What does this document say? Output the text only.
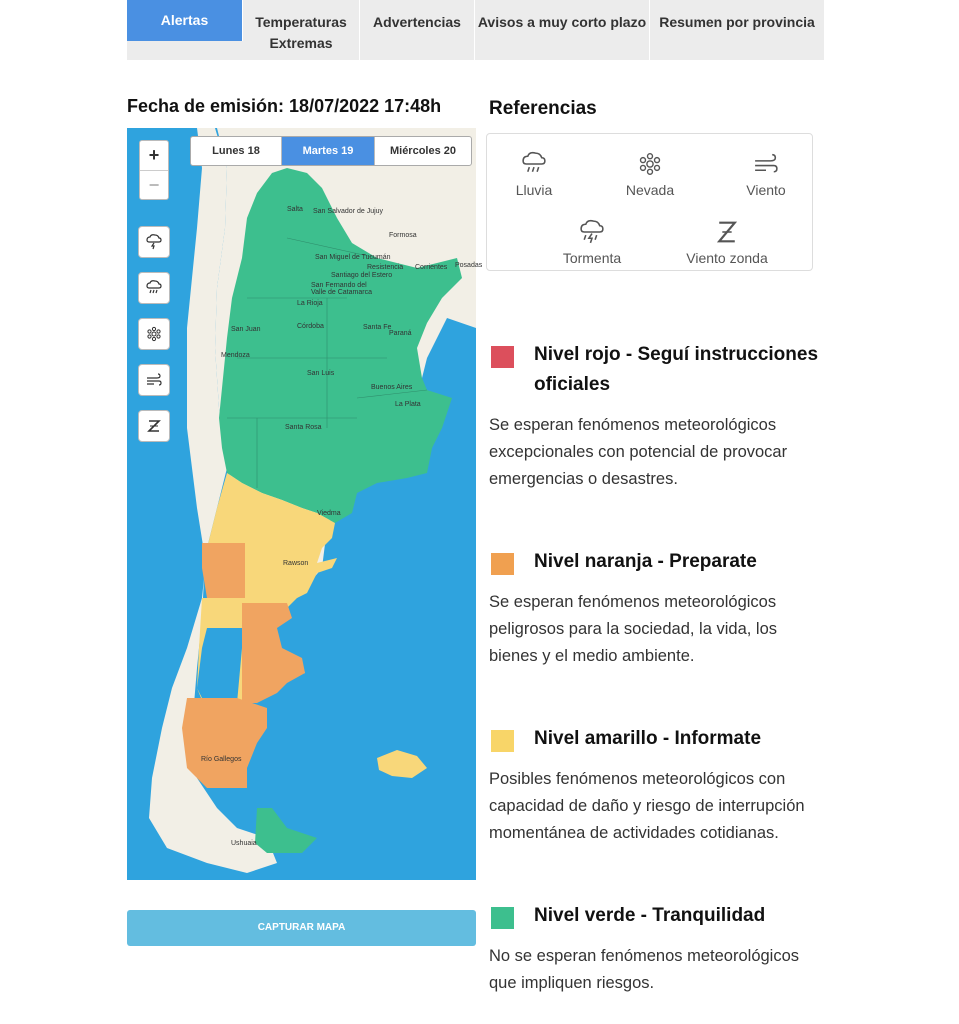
Alertas	Temperaturas
Extremas
Advertencias	Avisos a muy corto plazo Resumen por provincia
Fecha de emisión: 18/07/2022 17:48h
+
−
Lunes 18	Martes 19	Miércoles 20
Salta San Salvador de Jujuy
Formosa
San Miguel de Tucumán
Resistencia Corrientes Posadas
Santiago del Estero
San Fernando del Valle de Catamarca
La Rioja
San Juan	Córdoba	Santa Fe
Paraná
Mendoza
San Luis
Buenos Aires
La Plata
Santa Rosa
Viedma
Rawson
Río Gallegos
Ushuaia
CAPTURAR MAPA
Referencias
Lluvia	Nevada	Viento
Tormenta	Viento zonda
Nivel rojo - Seguí instrucciones oficiales
Se esperan fenómenos meteorológicos excepcionales con potencial de provocar emergencias o desastres.
Nivel naranja - Preparate
Se esperan fenómenos meteorológicos peligrosos para la sociedad, la vida, los bienes y el medio ambiente.
Nivel amarillo - Informate
Posibles fenómenos meteorológicos con capacidad de daño y riesgo de interrupción momentánea de actividades cotidianas.
Nivel verde - Tranquilidad
No se esperan fenómenos meteorológicos que impliquen riesgos.
